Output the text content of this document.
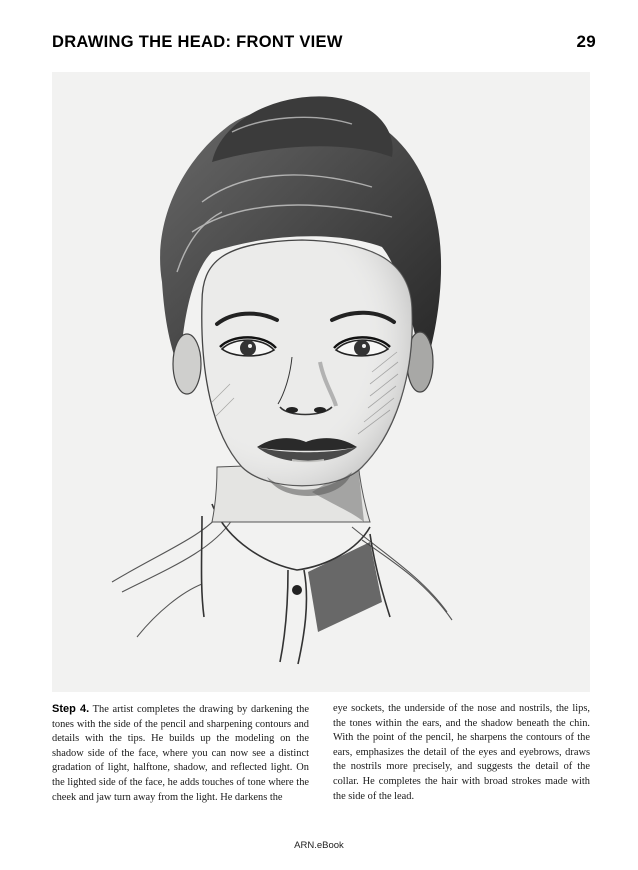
DRAWING THE HEAD: FRONT VIEW	29

Step 4. The artist completes the drawing by darkening the tones with the side of the pencil and sharpening contours and details with the tips. He builds up the modeling on the shadow side of the face, where you can now see a distinct gradation of light, halftone, shadow, and reflected light. On the lighted side of the face, he adds touches of tone where the cheek and jaw turn away from the light. He darkens the

eye sockets, the underside of the nose and nostrils, the lips, the tones within the ears, and the shadow beneath the chin. With the point of the pencil, he sharpens the contours of the ears, emphasizes the detail of the eyes and eyebrows, draws the nostrils more precisely, and suggests the detail of the collar. He completes the hair with broad strokes made with the side of the lead.

ARN.eBook
